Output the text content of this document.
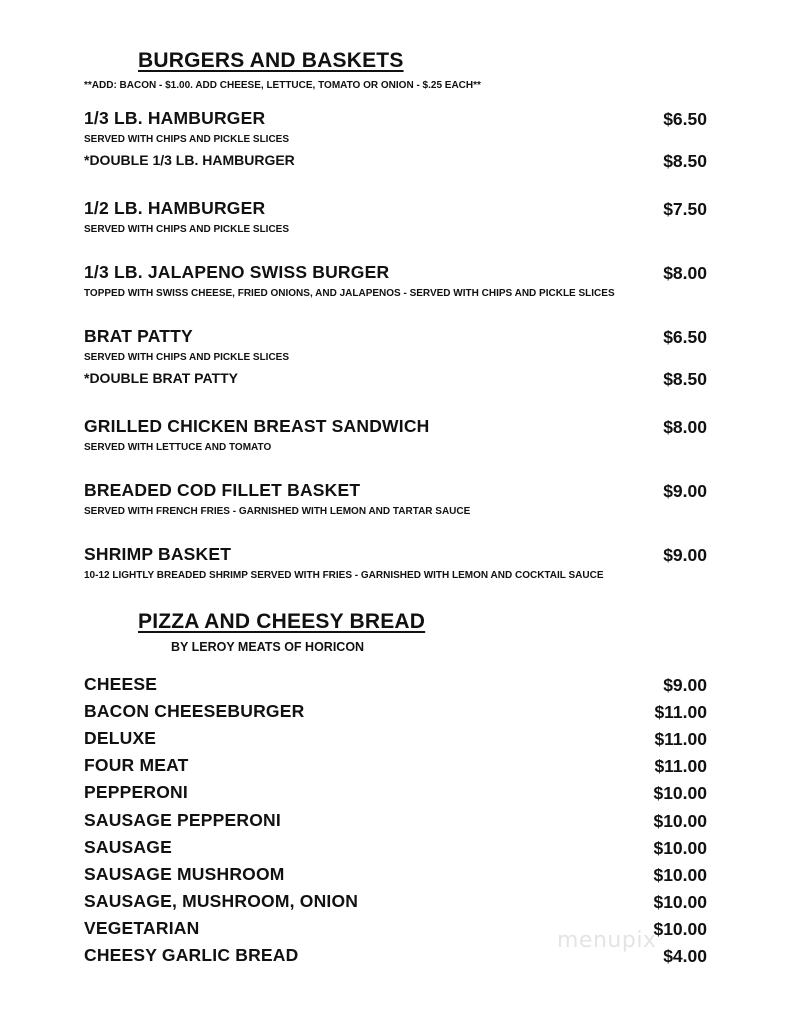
BURGERS AND BASKETS
**ADD: BACON - $1.00. ADD CHEESE, LETTUCE, TOMATO OR ONION - $.25 EACH**
1/3 LB. HAMBURGER	$6.50
SERVED WITH CHIPS AND PICKLE SLICES
*DOUBLE 1/3 LB. HAMBURGER	$8.50
1/2 LB. HAMBURGER	$7.50
SERVED WITH CHIPS AND PICKLE SLICES
1/3 LB. JALAPENO SWISS BURGER	$8.00
TOPPED WITH SWISS CHEESE, FRIED ONIONS, AND JALAPENOS - SERVED WITH CHIPS AND PICKLE SLICES
BRAT PATTY	$6.50
SERVED WITH CHIPS AND PICKLE SLICES
*DOUBLE BRAT PATTY	$8.50
GRILLED CHICKEN BREAST SANDWICH	$8.00
SERVED WITH LETTUCE AND TOMATO
BREADED COD FILLET BASKET	$9.00
SERVED WITH FRENCH FRIES - GARNISHED WITH LEMON AND TARTAR SAUCE
SHRIMP BASKET	$9.00
10-12 LIGHTLY BREADED SHRIMP SERVED WITH FRIES - GARNISHED WITH LEMON AND COCKTAIL SAUCE
PIZZA AND CHEESY BREAD
BY LEROY MEATS OF HORICON
CHEESE	$9.00
BACON CHEESEBURGER	$11.00
DELUXE	$11.00
FOUR MEAT	$11.00
PEPPERONI	$10.00
SAUSAGE PEPPERONI	$10.00
SAUSAGE	$10.00
SAUSAGE MUSHROOM	$10.00
SAUSAGE, MUSHROOM, ONION	$10.00
VEGETARIAN	$10.00
CHEESY GARLIC BREAD	$4.00
menupix
